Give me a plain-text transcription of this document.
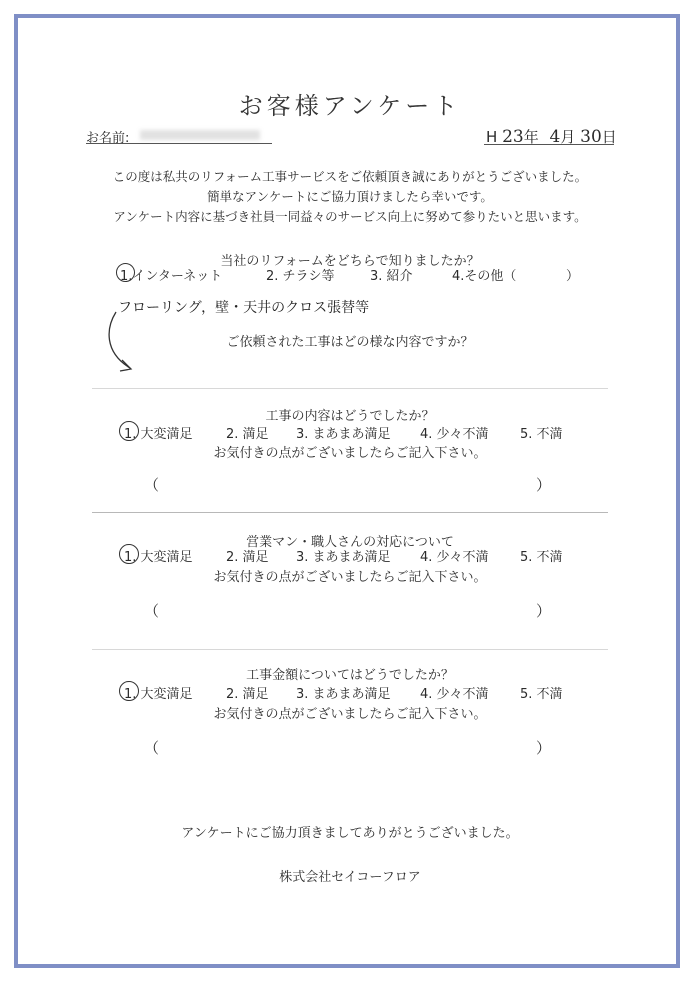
お客様アンケート
お名前:	H 23年 4月 30日
この度は私共のリフォーム工事サービスをご依頼頂き誠にありがとうございました。
簡単なアンケートにご協力頂けましたら幸いです。
アンケート内容に基づき社員一同益々のサービス向上に努めて参りたいと思います。
当社のリフォームをどちらで知りましたか？
1.インターネット	2. チラシ等	3. 紹介	4.その他（	）
フローリング，壁・天井のクロス張替等
ご依頼された工事はどの様な内容ですか？
工事の内容はどうでしたか？
1. 大変満足	2. 満足 3. まあまあ満足 4. 少々不満 5. 不満
お気付きの点がございましたらご記入下さい。
（	）
営業マン・職人さんの対応について
1. 大変満足	2. 満足 3. まあまあ満足 4. 少々不満 5. 不満
お気付きの点がございましたらご記入下さい。
（	）
工事金額についてはどうでしたか？
1. 大変満足	2. 満足 3. まあまあ満足 4. 少々不満 5. 不満
お気付きの点がございましたらご記入下さい。
（	）
アンケートにご協力頂きましてありがとうございました。
株式会社セイコーフロア
